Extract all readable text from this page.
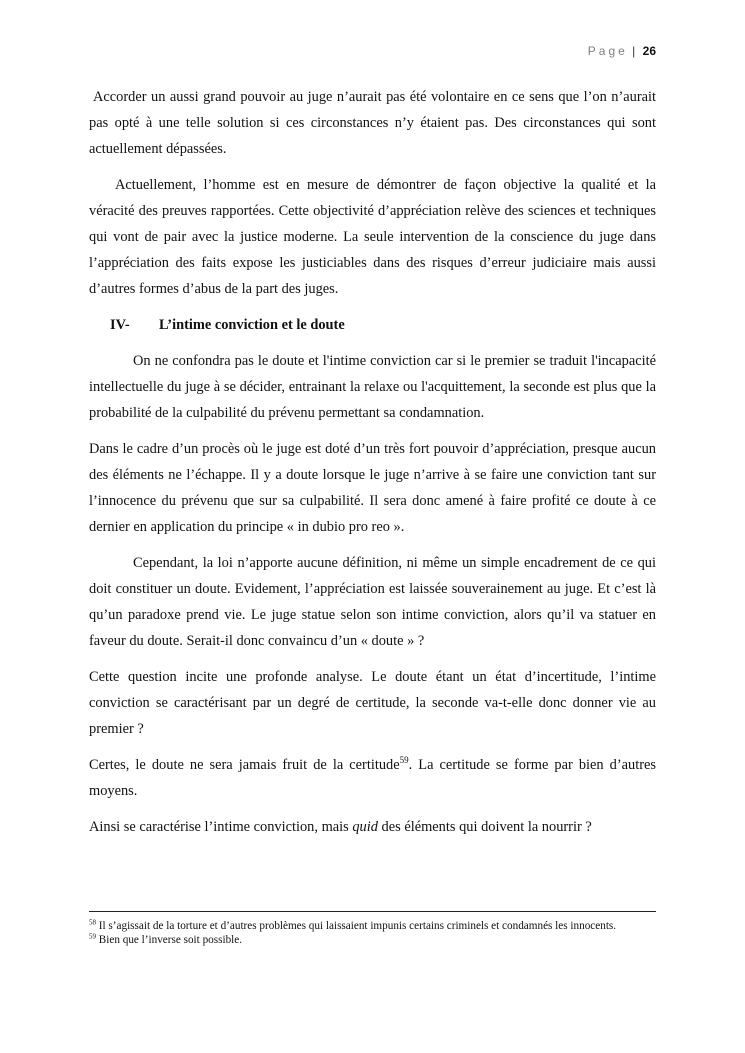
Page | 26

Accorder un aussi grand pouvoir au juge n’aurait pas été volontaire en ce sens que l’on n’aurait pas opté à une telle solution si ces circonstances n’y étaient pas. Des circonstances qui sont actuellement dépassées.

Actuellement, l’homme est en mesure de démontrer de façon objective la qualité et la véracité des preuves rapportées. Cette objectivité d’appréciation relève des sciences et techniques qui vont de pair avec la justice moderne. La seule intervention de la conscience du juge dans l’appréciation des faits expose les justiciables dans des risques d’erreur judiciaire mais aussi d’autres formes d’abus de la part des juges.

IV- L’intime conviction et le doute

On ne confondra pas le doute et l'intime conviction car si le premier se traduit l'incapacité intellectuelle du juge à se décider, entrainant la relaxe ou l'acquittement, la seconde est plus que la probabilité de la culpabilité du prévenu permettant sa condamnation.

Dans le cadre d’un procès où le juge est doté d’un très fort pouvoir d’appréciation, presque aucun des éléments ne l’échappe. Il y a doute lorsque le juge n’arrive à se faire une conviction tant sur l’innocence du prévenu que sur sa culpabilité. Il sera donc amené à faire profité ce doute à ce dernier en application du principe « in dubio pro reo ».

Cependant, la loi n’apporte aucune définition, ni même un simple encadrement de ce qui doit constituer un doute. Evidement, l’appréciation est laissée souverainement au juge. Et c’est là qu’un paradoxe prend vie. Le juge statue selon son intime conviction, alors qu’il va statuer en faveur du doute. Serait-il donc convaincu d’un « doute » ?

Cette question incite une profonde analyse. Le doute étant un état d’incertitude, l’intime conviction se caractérisant par un degré de certitude, la seconde va-t-elle donc donner vie au premier ?

Certes, le doute ne sera jamais fruit de la certitude$^{59}$. La certitude se forme par bien d’autres moyens.

Ainsi se caractérise l’intime conviction, mais quid des éléments qui doivent la nourrir ?

$^{58}$ Il s’agissait de la torture et d’autres problèmes qui laissaient impunis certains criminels et condamnés les innocents.

$^{59}$ Bien que l’inverse soit possible.
